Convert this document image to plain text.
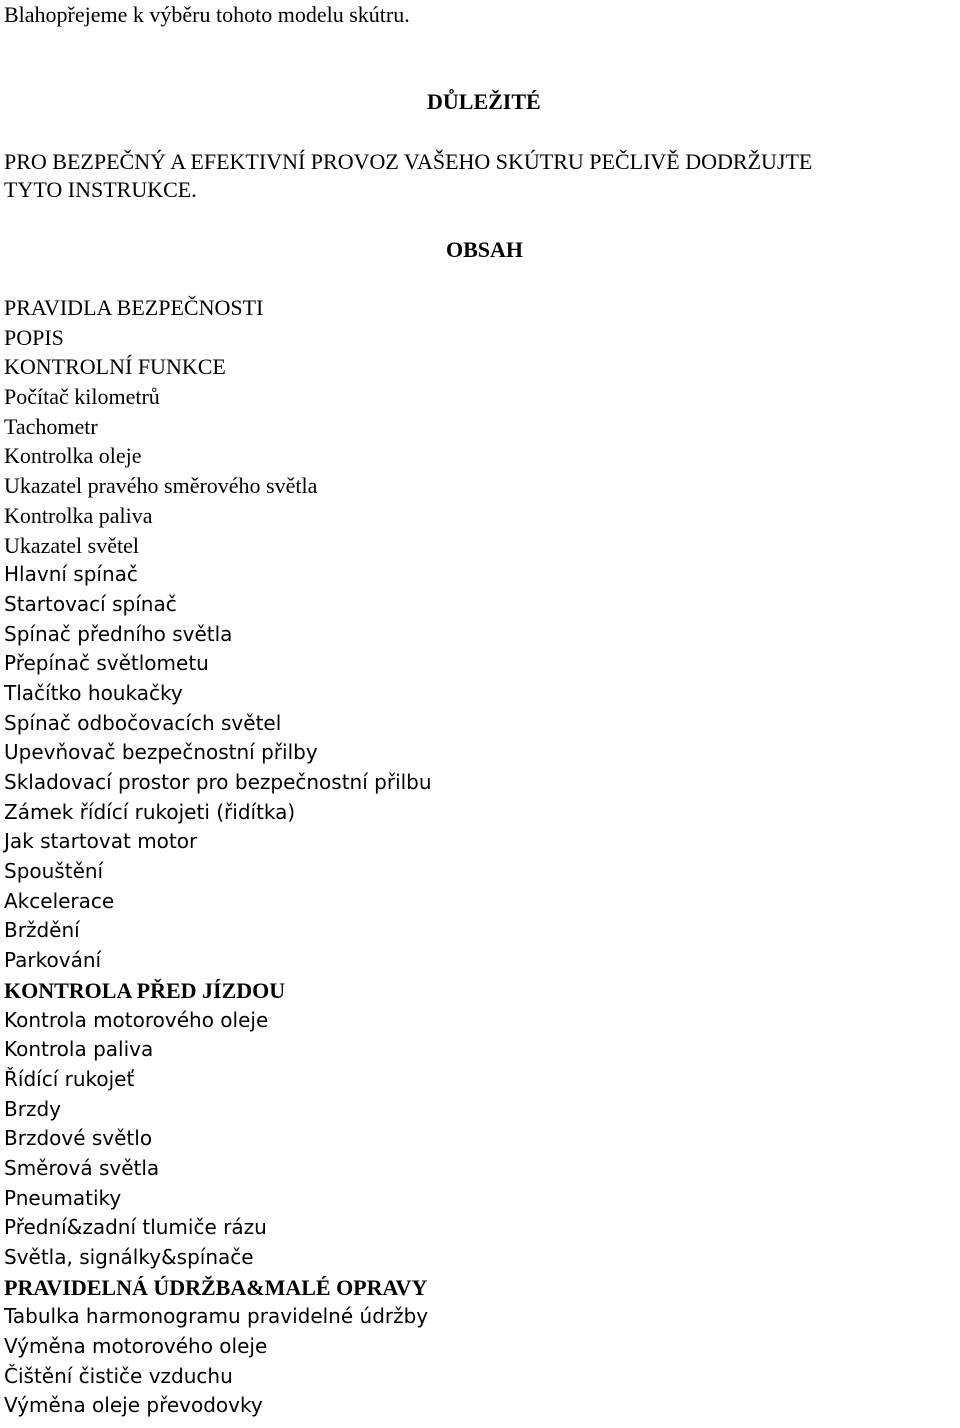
Blahopřejeme k výběru tohoto modelu skútru.
DŮLEŽITÉ
PRO BEZPEČNÝ A EFEKTIVNÍ PROVOZ VAŠEHO SKÚTRU PEČLIVĚ DODRŽUJTE
TYTO INSTRUKCE.
OBSAH
PRAVIDLA BEZPEČNOSTI
POPIS
KONTROLNÍ FUNKCE
Počítač kilometrů
Tachometr
Kontrolka oleje
Ukazatel pravého směrového světla
Kontrolka paliva
Ukazatel světel
Hlavní spínač
Startovací spínač
Spínač předního světla
Přepínač světlometu
Tlačítko houkačky
Spínač odbočovacích světel
Upevňovač bezpečnostní přilby
Skladovací prostor pro bezpečnostní přilbu
Zámek řídící rukojeti (řidítka)
Jak startovat motor
Spouštění
Akcelerace
Brždění
Parkování
KONTROLA PŘED JÍZDOU
Kontrola motorového oleje
Kontrola paliva
Řídící rukojeť
Brzdy
Brzdové světlo
Směrová světla
Pneumatiky
Přední&zadní tlumiče rázu
Světla, signálky&spínače
PRAVIDELNÁ ÚDRŽBA&MALÉ OPRAVY
Tabulka harmonogramu pravidelné údržby
Výměna motorového oleje
Čištění čističe vzduchu
Výměna oleje převodovky
